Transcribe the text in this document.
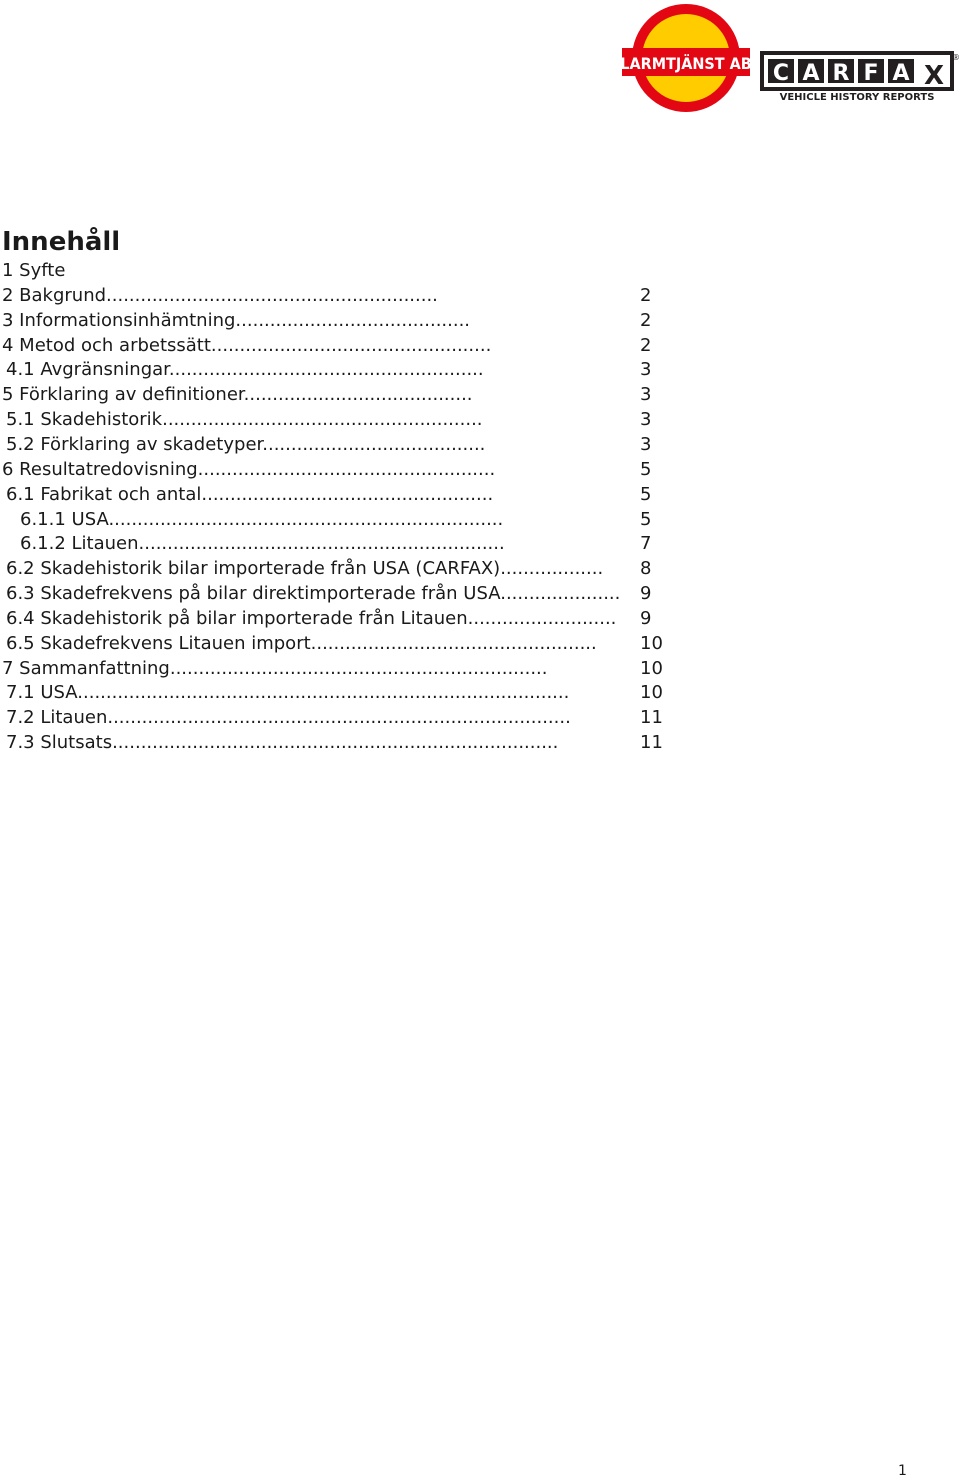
LARMTJÄNST AB C A R F A X
®
VEHICLE HISTORY REPORTS
Innehåll
1 Syfte
2 Bakgrund..........................................................	2
3 Informationsinhämtning.........................................	2
4 Metod och arbetssätt.................................................	2
4.1 Avgränsningar.......................................................	3
5 Förklaring av definitioner........................................	3
5.1 Skadehistorik........................................................	3
5.2 Förklaring av skadetyper.......................................	3
6 Resultatredovisning....................................................	5
6.1 Fabrikat och antal...................................................	5
6.1.1 USA.....................................................................	5
6.1.2 Litauen................................................................	7
6.2 Skadehistorik bilar importerade från USA (CARFAX)..................	8
6.3 Skadefrekvens på bilar direktimporterade från USA.....................	9
6.4 Skadehistorik på bilar importerade från Litauen..........................	9
6.5 Skadefrekvens Litauen import..................................................	10
7 Sammanfattning..................................................................	10
7.1 USA......................................................................................	10
7.2 Litauen.................................................................................	11
7.3 Slutsats..............................................................................	11
1
